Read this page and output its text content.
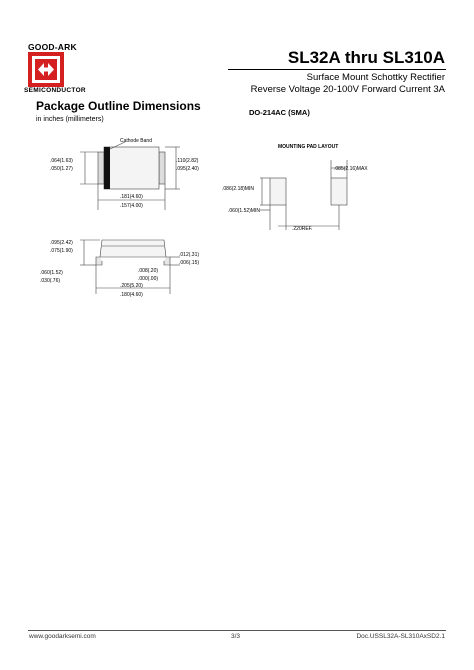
GOOD-ARK
SEMICONDUCTOR
SL32A thru SL310A
Surface Mount Schottky Rectifier
Reverse Voltage 20-100V Forward Current 3A
Package Outline Dimensions
in inches (millimeters)
DO-214AC (SMA)
Cathode Band
.064(1.63)
.050(1.27)
.110(2.82)
.095(2.40)
.181(4.60)
.157(4.00)
.095(2.42)
.075(1.90)
.012(.31)
.006(.15)
.060(1.52)
.030(.76)
.008(.20)
.000(.00)
.205(5.20)
.180(4.60)
MOUNTING PAD LAYOUT
.085(2.16)MAX
.086(2.18)MIN
.060(1.52)MIN
.220REF.
www.goodarksemi.com	3/3	Doc.USSL32A-SL310AxSD2.1
